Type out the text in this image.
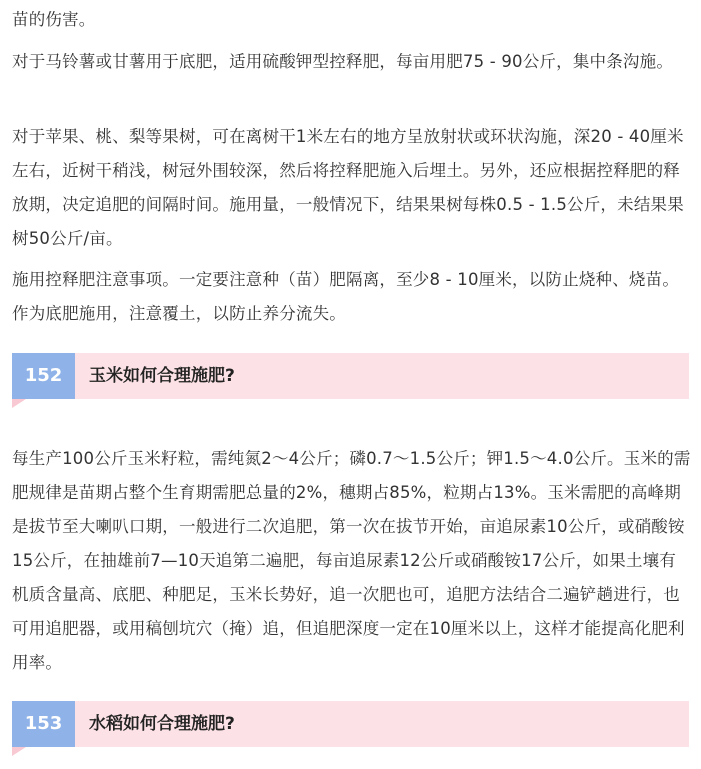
苗的伤害。

对于马铃薯或甘薯用于底肥，适用硫酸钾型控释肥，每亩用肥75 - 90公斤，集中条沟施。

对于苹果、桃、梨等果树，可在离树干1米左右的地方呈放射状或环状沟施，深20 - 40厘米左右，近树干稍浅，树冠外围较深，然后将控释肥施入后埋土。另外，还应根据控释肥的释放期，决定追肥的间隔时间。施用量，一般情况下，结果果树每株0.5 - 1.5公斤，未结果果树50公斤/亩。

施用控释肥注意事项。一定要注意种（苗）肥隔离，至少8 - 10厘米，以防止烧种、烧苗。作为底肥施用，注意覆土，以防止养分流失。

152	玉米如何合理施肥?

每生产100公斤玉米籽粒，需纯氮2～4公斤；磷0.7～1.5公斤；钾1.5～4.0公斤。玉米的需肥规律是苗期占整个生育期需肥总量的2%，穗期占85%，粒期占13%。玉米需肥的高峰期是拔节至大喇叭口期，一般进行二次追肥，第一次在拔节开始，亩追尿素10公斤，或硝酸铵15公斤，在抽雄前7—10天追第二遍肥，每亩追尿素12公斤或硝酸铵17公斤，如果土壤有机质含量高、底肥、种肥足，玉米长势好，追一次肥也可，追肥方法结合二遍铲趟进行，也可用追肥器，或用稿刨坑穴（掩）追，但追肥深度一定在10厘米以上，这样才能提高化肥利用率。

153	水稻如何合理施肥?
